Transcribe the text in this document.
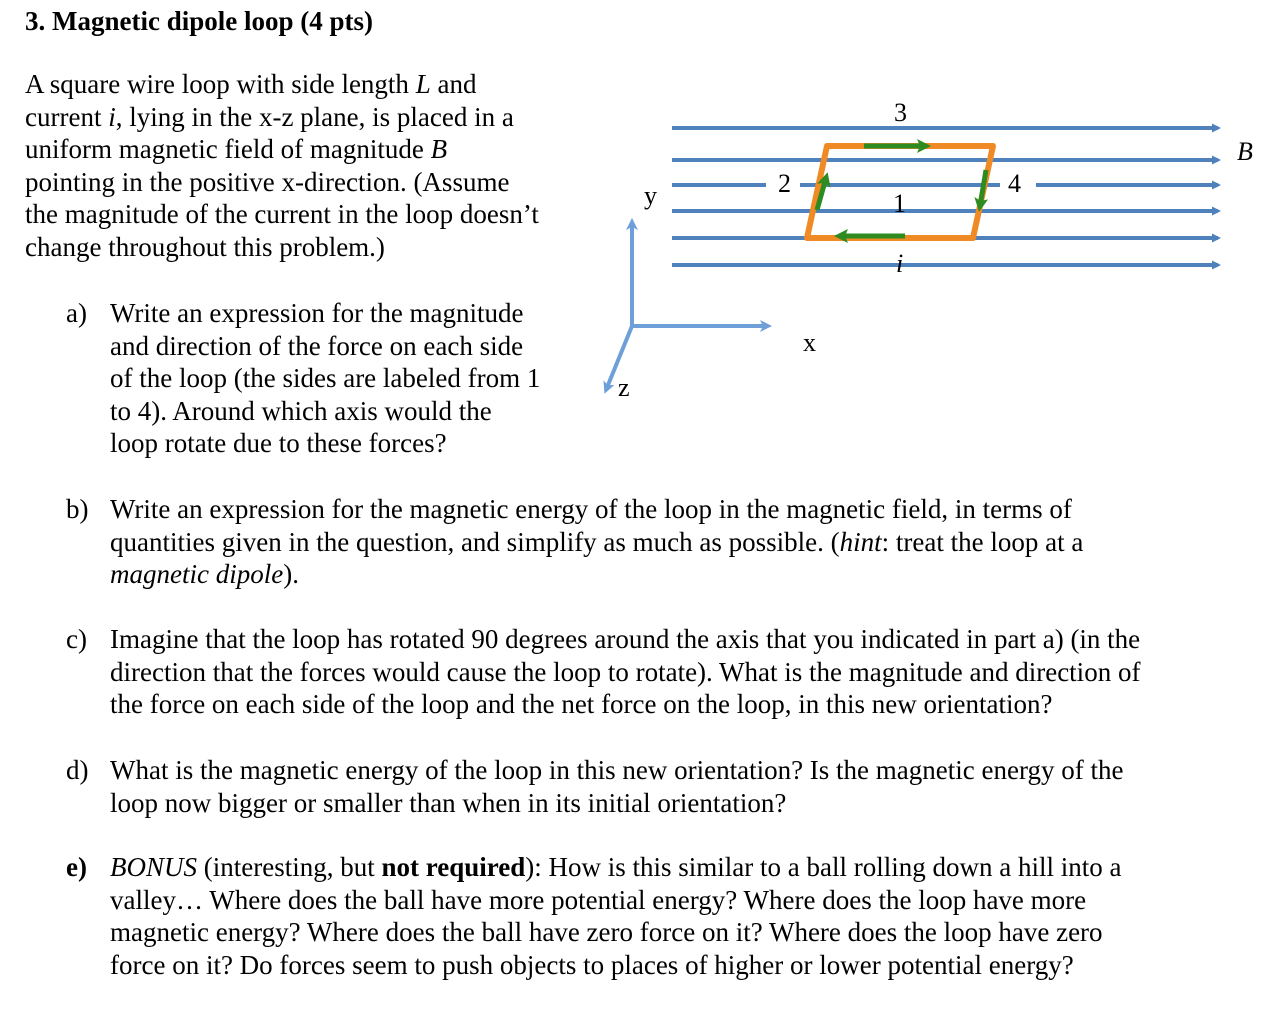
3. Magnetic dipole loop (4 pts)
A square wire loop with side length L and
current i, lying in the x-z plane, is placed in a
uniform magnetic field of magnitude B
pointing in the positive x-direction. (Assume
the magnitude of the current in the loop doesn’t
change throughout this problem.)
a) Write an expression for the magnitude
and direction of the force on each side
of the loop (the sides are labeled from 1
to 4). Around which axis would the
loop rotate due to these forces?
b) Write an expression for the magnetic energy of the loop in the magnetic field, in terms of
quantities given in the question, and simplify as much as possible. (hint: treat the loop at a
magnetic dipole).
c) Imagine that the loop has rotated 90 degrees around the axis that you indicated in part a) (in the
direction that the forces would cause the loop to rotate). What is the magnitude and direction of
the force on each side of the loop and the net force on the loop, in this new orientation?
d) What is the magnetic energy of the loop in this new orientation? Is the magnetic energy of the
loop now bigger or smaller than when in its initial orientation?
e) BONUS (interesting, but not required): How is this similar to a ball rolling down a hill into a
valley… Where does the ball have more potential energy? Where does the loop have more
magnetic energy? Where does the ball have zero force on it? Where does the loop have zero
force on it? Do forces seem to push objects to places of higher or lower potential energy?
3
2
1
4
i
B
y
x
z
